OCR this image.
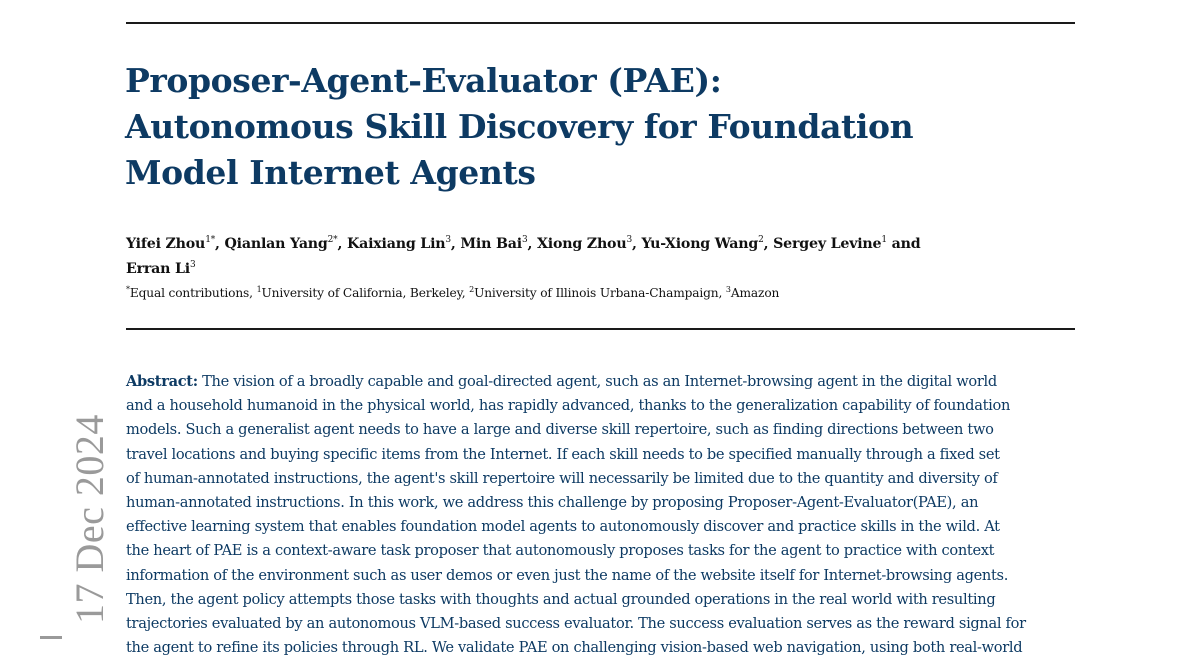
Proposer-Agent-Evaluator (PAE):
Autonomous Skill Discovery for Foundation
Model Internet Agents
Yifei Zhou$^{1*}$, Qianlan Yang$^{2*}$, Kaixiang Lin$^3$, Min Bai$^3$, Xiong Zhou$^3$, Yu-Xiong Wang$^2$, Sergey Levine$^1$ and
Erran Li$^3$
*Equal contributions, $^1$University of California, Berkeley, $^2$University of Illinois Urbana-Champaign, $^3$Amazon
Abstract: The vision of a broadly capable and goal-directed agent, such as an Internet-browsing agent in the digital world
and a household humanoid in the physical world, has rapidly advanced, thanks to the generalization capability of foundation
models. Such a generalist agent needs to have a large and diverse skill repertoire, such as finding directions between two
travel locations and buying specific items from the Internet. If each skill needs to be specified manually through a fixed set
of human-annotated instructions, the agent's skill repertoire will necessarily be limited due to the quantity and diversity of
human-annotated instructions. In this work, we address this challenge by proposing Proposer-Agent-Evaluator(PAE), an
effective learning system that enables foundation model agents to autonomously discover and practice skills in the wild. At
the heart of PAE is a context-aware task proposer that autonomously proposes tasks for the agent to practice with context
information of the environment such as user demos or even just the name of the website itself for Internet-browsing agents.
Then, the agent policy attempts those tasks with thoughts and actual grounded operations in the real world with resulting
trajectories evaluated by an autonomous VLM-based success evaluator. The success evaluation serves as the reward signal for
the agent to refine its policies through RL. We validate PAE on challenging vision-based web navigation, using both real-world
17 Dec 2024
